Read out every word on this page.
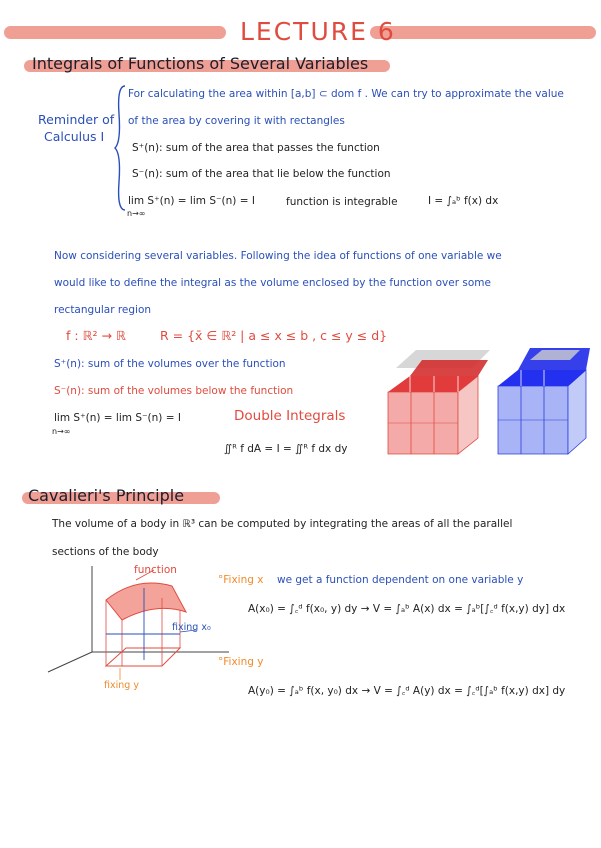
LECTURE 6
Integrals of Functions of Several Variables
Reminder of
Calculus I
For calculating the area within [a,b] ⊂ dom f . We can try to approximate the value
of the area by covering it with rectangles
S⁺(n): sum of the area that passes the function
S⁻(n): sum of the area that lie below the function
lim S⁺(n) = lim S⁻(n) = I
n→∞
function is integrable	I = ∫ₐᵇ f(x) dx
Now considering several variables. Following the idea of functions of one variable we
would like to define the integral as the volume enclosed by the function over some
rectangular region
f : ℝ² → ℝ	R = {x̄ ∈ ℝ² | a ≤ x ≤ b , c ≤ y ≤ d}
S⁺(n): sum of the volumes over the function
S⁻(n): sum of the volumes below the function
lim S⁺(n) = lim S⁻(n) = I
n→∞
Double Integrals
∬ᴿ f dA = I = ∬ᴿ f dx dy
Cavalieri's Principle
The volume of a body in ℝ³ can be computed by integrating the areas of all the parallel
sections of the body
function
fixing x₀
fixing y
°Fixing x we get a function dependent on one variable y
A(x₀) = ∫꜀ᵈ f(x₀, y) dy → V = ∫ₐᵇ A(x) dx = ∫ₐᵇ[∫꜀ᵈ f(x,y) dy] dx
°Fixing y
A(y₀) = ∫ₐᵇ f(x, y₀) dx → V = ∫꜀ᵈ A(y) dx = ∫꜀ᵈ[∫ₐᵇ f(x,y) dx] dy
